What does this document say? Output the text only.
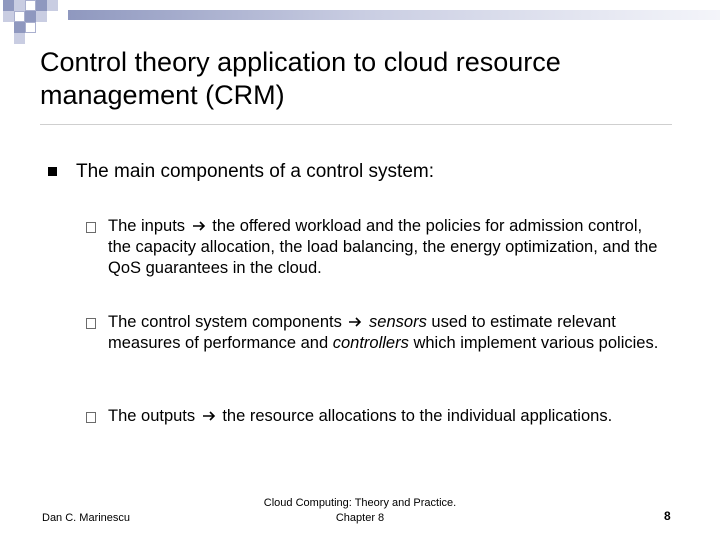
Control theory application to cloud resource management (CRM)
The main components of a control system:
The inputs the offered workload and the policies for admission control, the capacity allocation, the load balancing, the energy optimization, and the QoS guarantees in the cloud.
The control system components sensors used to estimate relevant measures of performance and controllers which implement various policies.
The outputs the resource allocations to the individual applications.
Dan C. Marinescu
Cloud Computing: Theory and Practice.
Chapter 8	8
